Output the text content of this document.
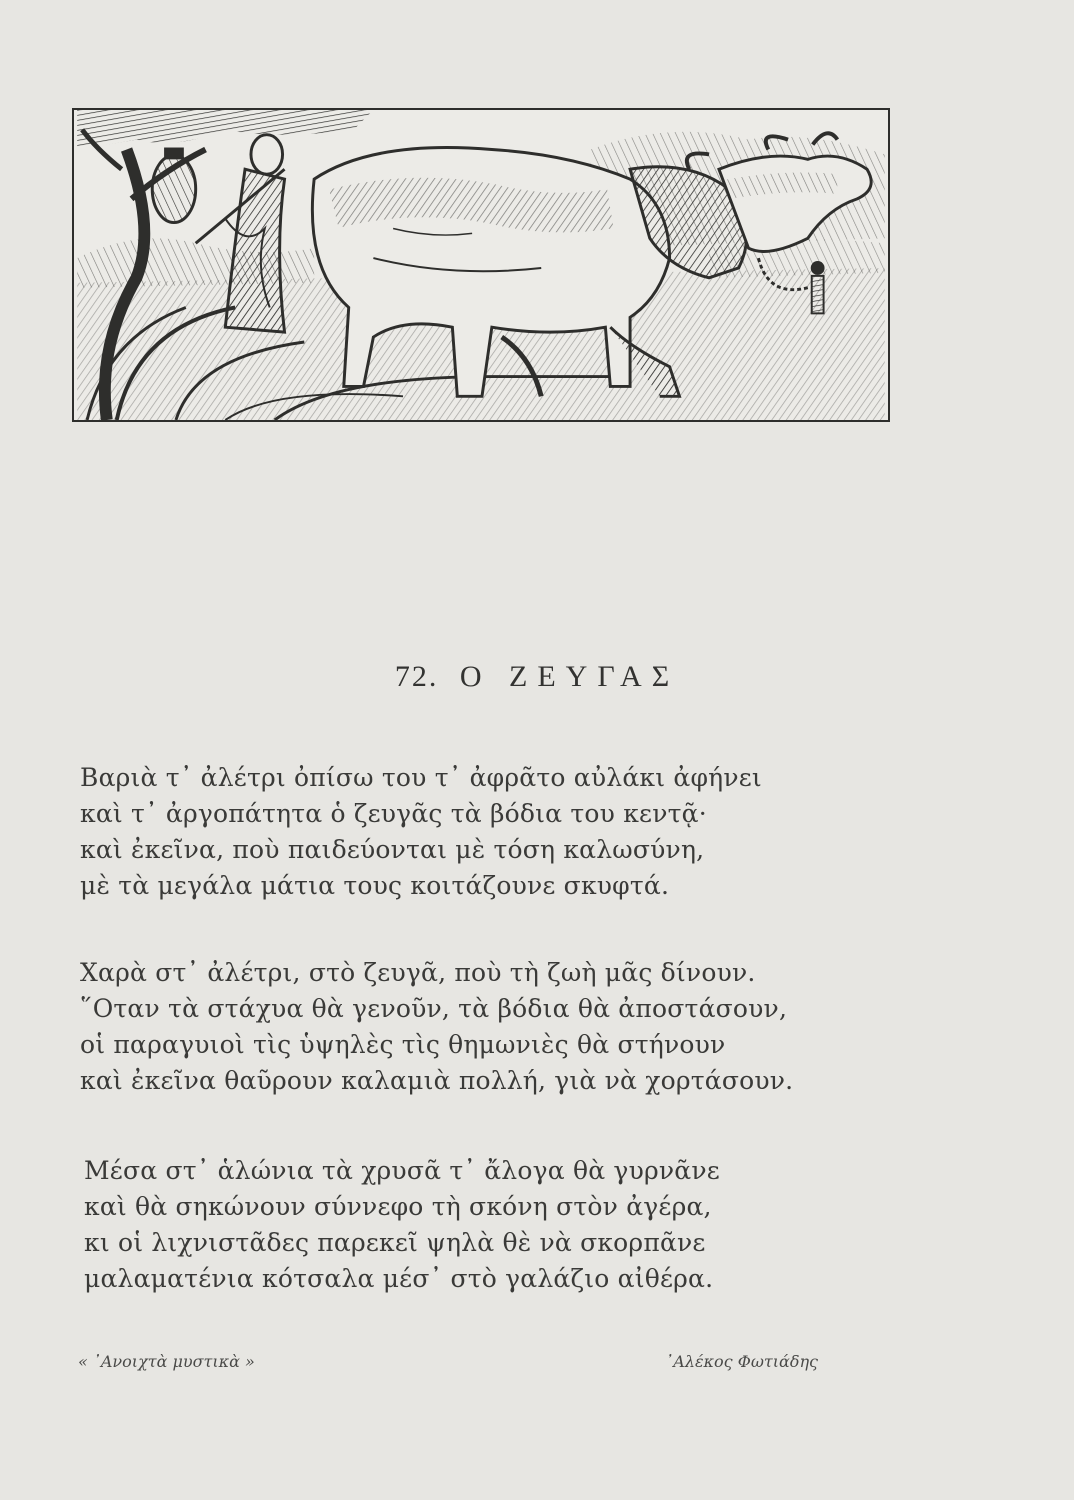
72. Ο ΖΕΥΓΑΣ
Βαριὰ τ᾽ ἀλέτρι ὀπίσω του τ᾽ ἀφρᾶτο αὐλάκι ἀφήνει
καὶ τ᾽ ἀργοπάτητα ὁ ζευγᾶς τὰ βόδια του κεντᾷ·
καὶ ἐκεῖνα, ποὺ παιδεύονται μὲ τόση καλωσύνη,
μὲ τὰ μεγάλα μάτια τους κοιτάζουνε σκυφτά.
Χαρὰ στ᾽ ἀλέτρι, στὸ ζευγᾶ, ποὺ τὴ ζωὴ μᾶς δίνουν.
῞Οταν τὰ στάχυα θὰ γενοῦν, τὰ βόδια θὰ ἀποστάσουν,
οἱ παραγυιοὶ τὶς ὑψηλὲς τὶς θημωνιὲς θὰ στήνουν
καὶ ἐκεῖνα θαῦρουν καλαμιὰ πολλή, γιὰ νὰ χορτάσουν.
Μέσα στ᾽ ἁλώνια τὰ χρυσᾶ τ᾽ ἄλογα θὰ γυρνᾶνε
καὶ θὰ σηκώνουν σύννεφο τὴ σκόνη στὸν ἀγέρα,
κι οἱ λιχνιστᾶδες παρεκεῖ ψηλὰ θὲ νὰ σκορπᾶνε
μαλαματένια κότσαλα μέσ᾽ στὸ γαλάζιο αἰθέρα.
« ᾿Ανοιχτὰ μυστικὰ »	᾿Αλέκος Φωτιάδης
